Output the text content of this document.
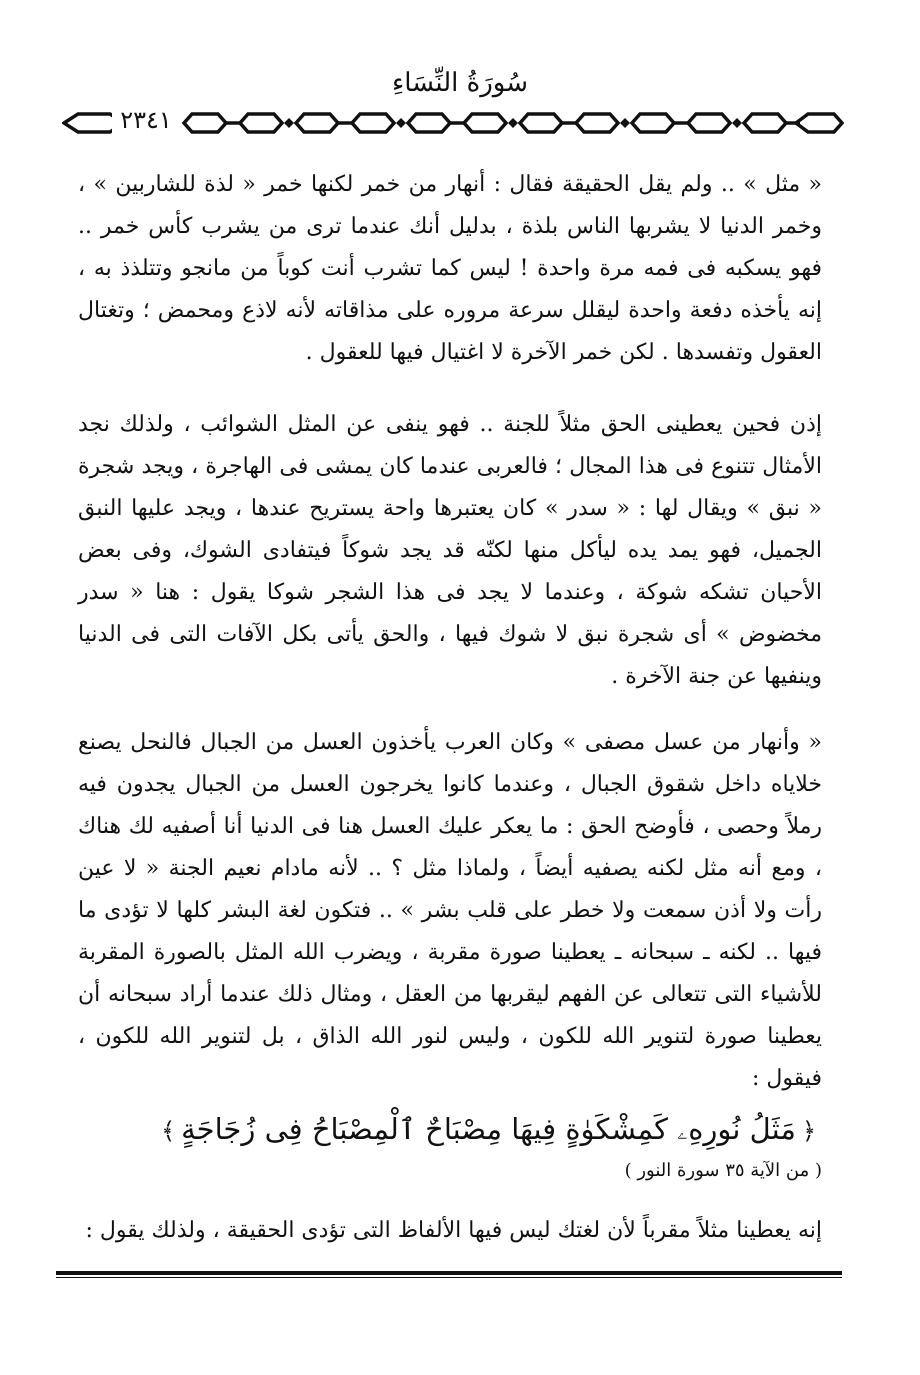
سُورَةُ النِّسَاءِ
٢٣٤١

« مثل » .. ولم يقل الحقيقة فقال : أنهار من خمر لكنها خمر « لذة للشاربين » ، وخمر الدنيا لا يشربها الناس بلذة ، بدليل أنك عندما ترى من يشرب كأس خمر .. فهو يسكبه فى فمه مرة واحدة ! ليس كما تشرب أنت كوباً من مانجو وتتلذذ به ، إنه يأخذه دفعة واحدة ليقلل سرعة مروره على مذاقاته لأنه لاذع ومحمض ؛ وتغتال العقول وتفسدها . لكن خمر الآخرة لا اغتيال فيها للعقول .

إذن فحين يعطينى الحق مثلاً للجنة .. فهو ينفى عن المثل الشوائب ، ولذلك نجد الأمثال تتنوع فى هذا المجال ؛ فالعربى عندما كان يمشى فى الهاجرة ، ويجد شجرة « نبق » ويقال لها : « سدر » كان يعتبرها واحة يستريح عندها ، ويجد عليها النبق الجميل، فهو يمد يده ليأكل منها لكنّه قد يجد شوكاً فيتفادى الشوك، وفى بعض الأحيان تشكه شوكة ، وعندما لا يجد فى هذا الشجر شوكا يقول : هنا « سدر مخضوض » أى شجرة نبق لا شوك فيها ، والحق يأتى بكل الآفات التى فى الدنيا وينفيها عن جنة الآخرة .

« وأنهار من عسل مصفى » وكان العرب يأخذون العسل من الجبال فالنحل يصنع خلاياه داخل شقوق الجبال ، وعندما كانوا يخرجون العسل من الجبال يجدون فيه رملاً وحصى ، فأوضح الحق : ما يعكر عليك العسل هنا فى الدنيا أنا أصفيه لك هناك ، ومع أنه مثل لكنه يصفيه أيضاً ، ولماذا مثل ؟ .. لأنه مادام نعيم الجنة « لا عين رأت ولا أذن سمعت ولا خطر على قلب بشر » .. فتكون لغة البشر كلها لا تؤدى ما فيها .. لكنه ـ سبحانه ـ يعطينا صورة مقربة ، ويضرب الله المثل بالصورة المقربة للأشياء التى تتعالى عن الفهم ليقربها من العقل ، ومثال ذلك عندما أراد سبحانه أن يعطينا صورة لتنوير الله للكون ، وليس لنور الله الذاق ، بل لتنوير الله للكون ، فيقول :

﴿مَثَلُ نُورِهِۦ كَمِشْكَوٰةٍ فِيهَا مِصْبَاحٌ ٱلْمِصْبَاحُ فِى زُجَاجَةٍ﴾

( من الآية ٣٥ سورة النور )

إنه يعطينا مثلاً مقرباً لأن لغتك ليس فيها الألفاظ التى تؤدى الحقيقة ، ولذلك يقول :
